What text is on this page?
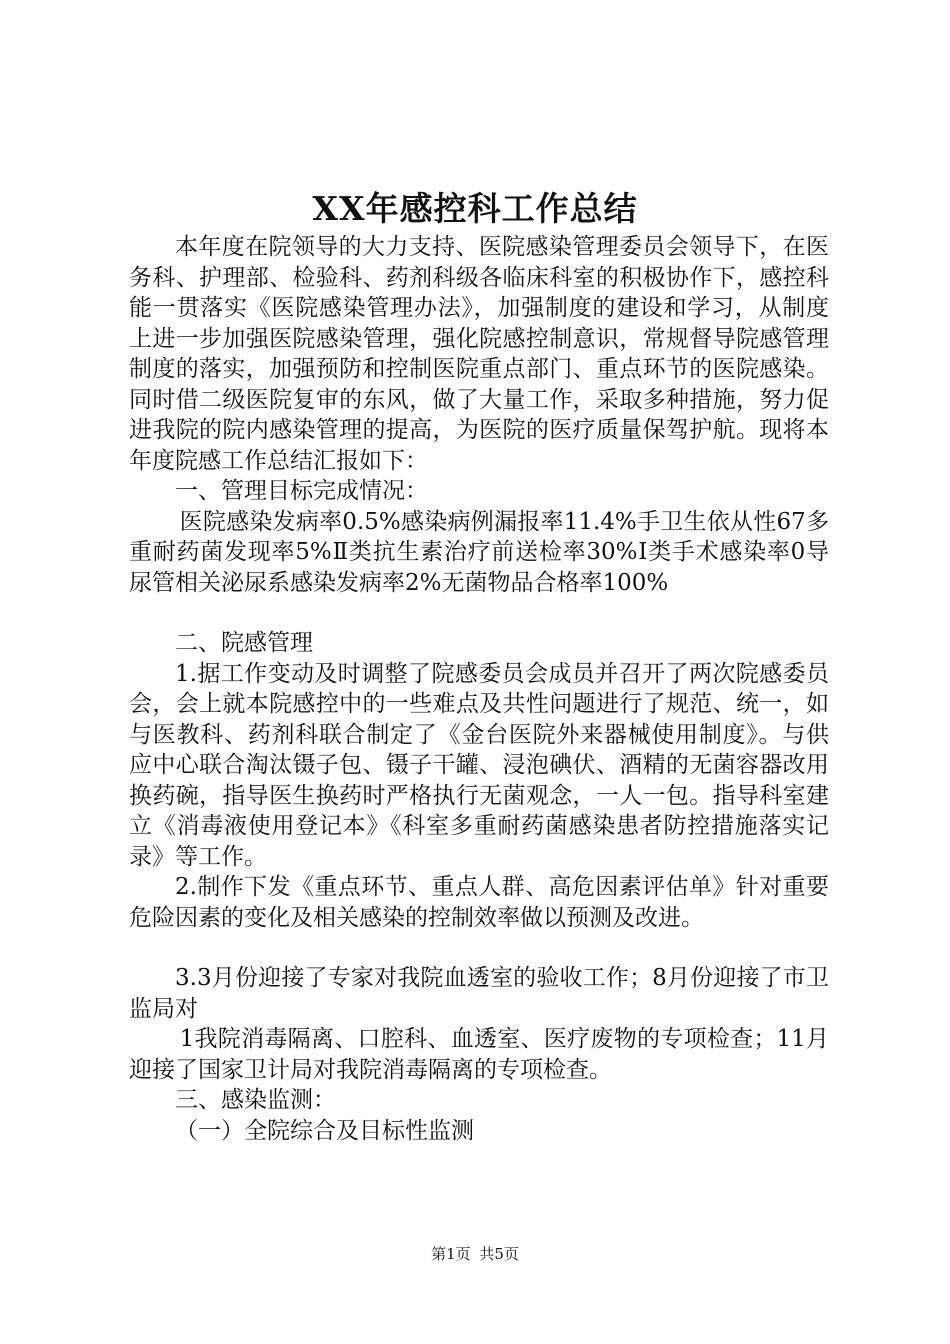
XX年感控科工作总结

本年度在院领导的大力支持、医院感染管理委员会领导下，在医务科、护理部、检验科、药剂科级各临床科室的积极协作下，感控科能一贯落实《医院感染管理办法》，加强制度的建设和学习，从制度上进一步加强医院感染管理，强化院感控制意识，常规督导院感管理制度的落实，加强预防和控制医院重点部门、重点环节的医院感染。同时借二级医院复审的东风，做了大量工作，采取多种措施，努力促进我院的院内感染管理的提高，为医院的医疗质量保驾护航。现将本年度院感工作总结汇报如下：

一、管理目标完成情况：

医院感染发病率0.5%感染病例漏报率11.4%手卫生依从性67多重耐药菌发现率5%Ⅱ类抗生素治疗前送检率30%Ⅰ类手术感染率0导尿管相关泌尿系感染发病率2%无菌物品合格率100%

二、院感管理

1.据工作变动及时调整了院感委员会成员并召开了两次院感委员会，会上就本院感控中的一些难点及共性问题进行了规范、统一，如与医教科、药剂科联合制定了《金台医院外来器械使用制度》。与供应中心联合淘汰镊子包、镊子干罐、浸泡碘伏、酒精的无菌容器改用换药碗，指导医生换药时严格执行无菌观念，一人一包。指导科室建立《消毒液使用登记本》《科室多重耐药菌感染患者防控措施落实记录》等工作。

2.制作下发《重点环节、重点人群、高危因素评估单》针对重要危险因素的变化及相关感染的控制效率做以预测及改进。

3.3月份迎接了专家对我院血透室的验收工作；8月份迎接了市卫监局对

1我院消毒隔离、口腔科、血透室、医疗废物的专项检查；11月迎接了国家卫计局对我院消毒隔离的专项检查。

三、感染监测：

（一）全院综合及目标性监测

第1页 共5页
